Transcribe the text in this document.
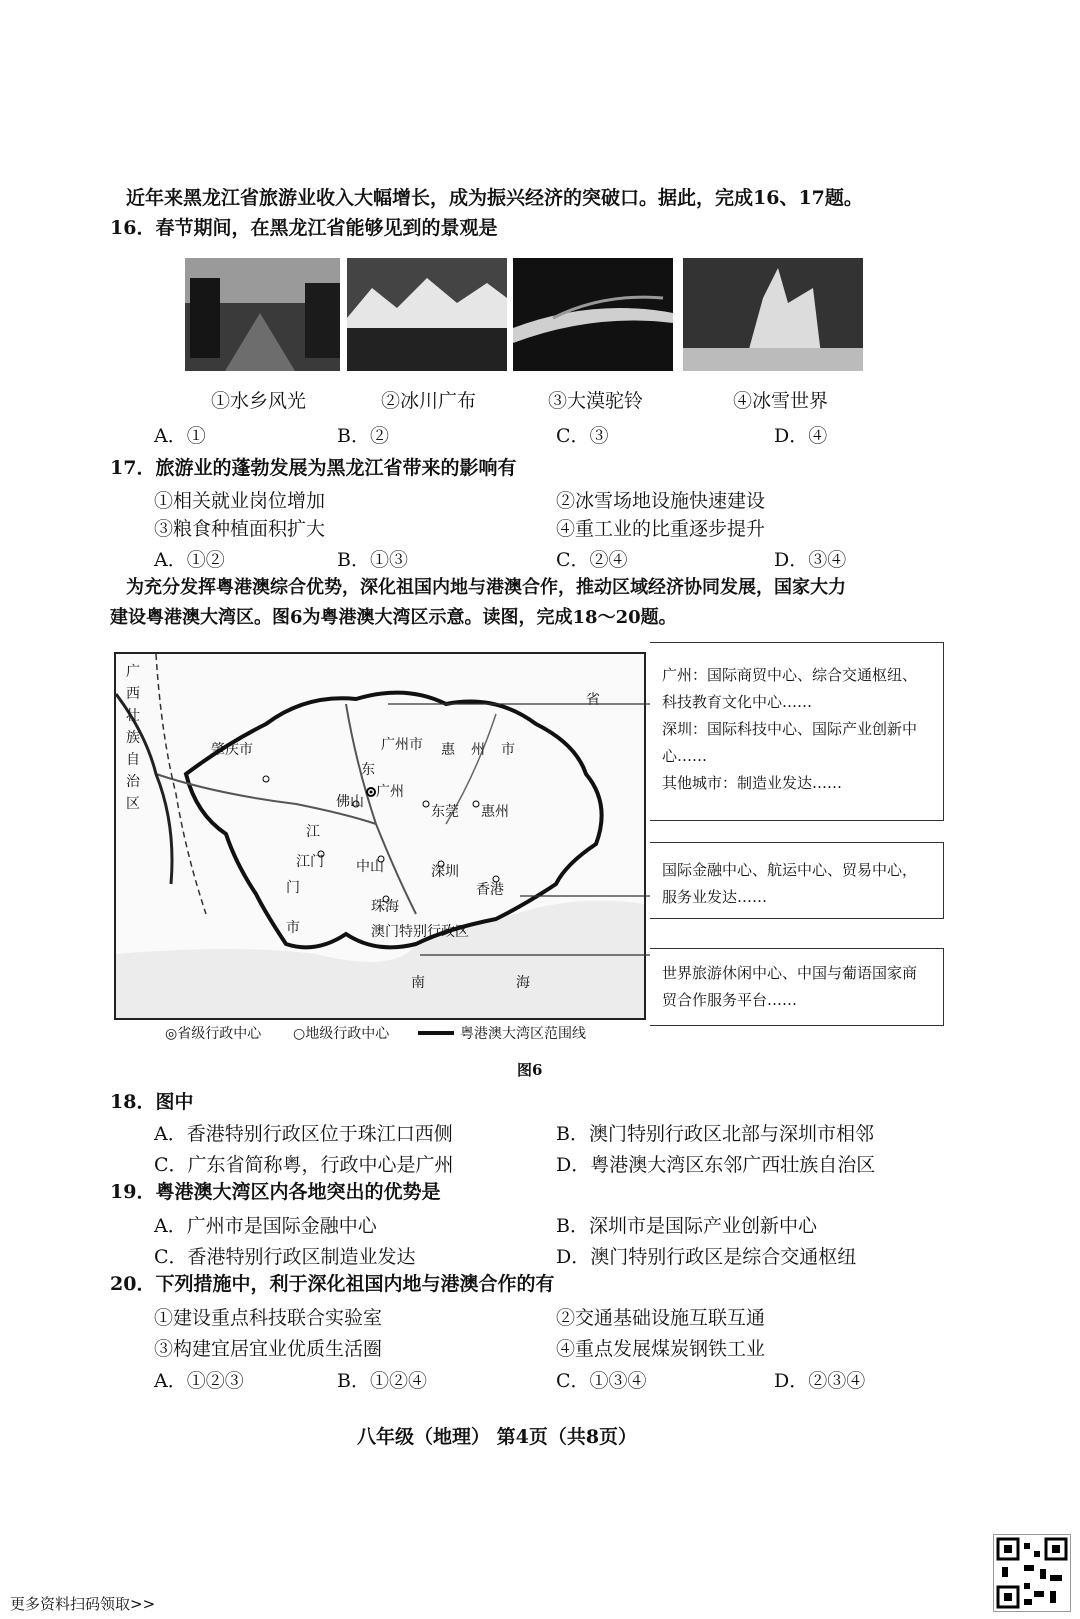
近年来黑龙江省旅游业收入大幅增长，成为振兴经济的突破口。据此，完成16、17题。
16．春节期间，在黑龙江省能够见到的景观是
①水乡风光	②冰川广布	③大漠驼铃	④冰雪世界
A．①	B．②	C．③	D．④
17．旅游业的蓬勃发展为黑龙江省带来的影响有
①相关就业岗位增加	②冰雪场地设施快速建设
③粮食种植面积扩大	④重工业的比重逐步提升
A．①②	B．①③	C．②④	D．③④
为充分发挥粤港澳综合优势，深化祖国内地与港澳合作，推动区域经济协同发展，国家大力
建设粤港澳大湾区。图6为粤港澳大湾区示意。读图，完成18～20题。
广
西
壮
族
自
治
区
肇庆市	广州市
东
惠 州 市
佛山
广州
东莞 惠州
江门 中山	深圳
香港
珠海
澳门特别行政区
江
门
市
省
南	海
广州：国际商贸中心、综合交通枢纽、
科技教育文化中心……
深圳：国际科技中心、国际产业创新中
心……
其他城市：制造业发达……
国际金融中心、航运中心、贸易中心，
服务业发达……
世界旅游休闲中心、中国与葡语国家商
贸合作服务平台……
◎省级行政中心 ○地级行政中心	粤港澳大湾区范围线
图6
18．图中
A．香港特别行政区位于珠江口西侧	B．澳门特别行政区北部与深圳市相邻
C．广东省简称粤，行政中心是广州	D．粤港澳大湾区东邻广西壮族自治区
19．粤港澳大湾区内各地突出的优势是
A．广州市是国际金融中心	B．深圳市是国际产业创新中心
C．香港特别行政区制造业发达	D．澳门特别行政区是综合交通枢纽
20．下列措施中，利于深化祖国内地与港澳合作的有
①建设重点科技联合实验室	②交通基础设施互联互通
③构建宜居宜业优质生活圈	④重点发展煤炭钢铁工业
A．①②③	B．①②④	C．①③④	D．②③④
八年级（地理） 第4页（共8页）
更多资料扫码领取>>
